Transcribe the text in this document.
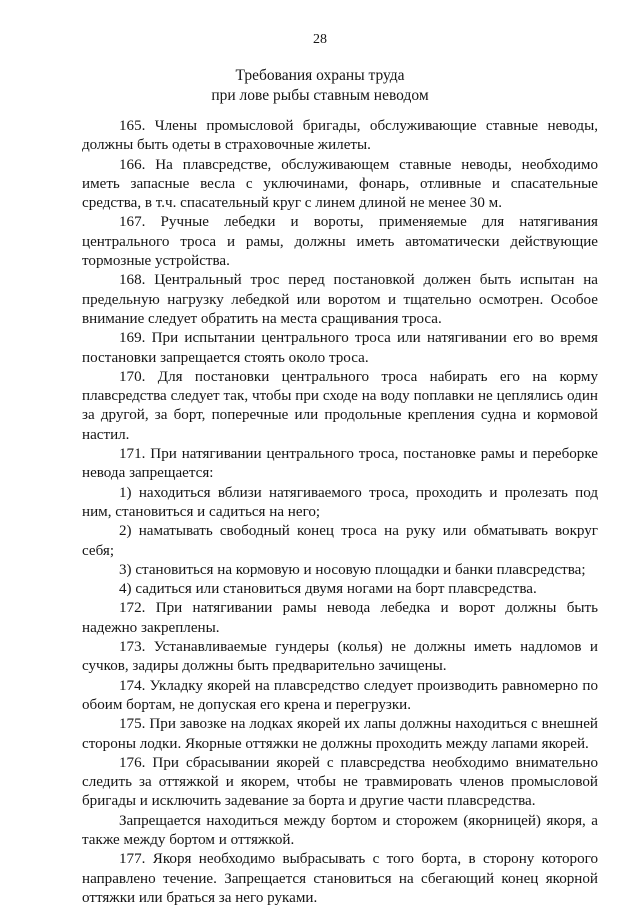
28
Требования охраны труда
при лове рыбы ставным неводом

165. Члены промысловой бригады, обслуживающие ставные неводы, должны быть одеты в страховочные жилеты.

166. На плавсредстве, обслуживающем ставные неводы, необходимо иметь запасные весла с уключинами, фонарь, отливные и спасательные средства, в т.ч. спасательный круг с линем длиной не менее 30 м.

167. Ручные лебедки и вороты, применяемые для натягивания центрального троса и рамы, должны иметь автоматически действующие тормозные устройства.

168. Центральный трос перед постановкой должен быть испытан на предельную нагрузку лебедкой или воротом и тщательно осмотрен. Особое внимание следует обратить на места сращивания троса.

169. При испытании центрального троса или натягивании его во время постановки запрещается стоять около троса.

170. Для постановки центрального троса набирать его на корму плавсредства следует так, чтобы при сходе на воду поплавки не цеплялись один за другой, за борт, поперечные или продольные крепления судна и кормовой настил.

171. При натягивании центрального троса, постановке рамы и переборке невода запрещается:

1) находиться вблизи натягиваемого троса, проходить и пролезать под ним, становиться и садиться на него;

2) наматывать свободный конец троса на руку или обматывать вокруг себя;

3) становиться на кормовую и носовую площадки и банки плавсредства;

4) садиться или становиться двумя ногами на борт плавсредства.

172. При натягивании рамы невода лебедка и ворот должны быть надежно закреплены.

173. Устанавливаемые гундеры (колья) не должны иметь надломов и сучков, задиры должны быть предварительно зачищены.

174. Укладку якорей на плавсредство следует производить равномерно по обоим бортам, не допуская его крена и перегрузки.

175. При завозке на лодках якорей их лапы должны находиться с внешней стороны лодки. Якорные оттяжки не должны проходить между лапами якорей.

176. При сбрасывании якорей с плавсредства необходимо внимательно следить за оттяжкой и якорем, чтобы не травмировать членов промысловой бригады и исключить задевание за борта и другие части плавсредства.

Запрещается находиться между бортом и сторожем (якорницей) якоря, а также между бортом и оттяжкой.

177. Якоря необходимо выбрасывать с того борта, в сторону которого направлено течение. Запрещается становиться на сбегающий конец якорной оттяжки или браться за него руками.
